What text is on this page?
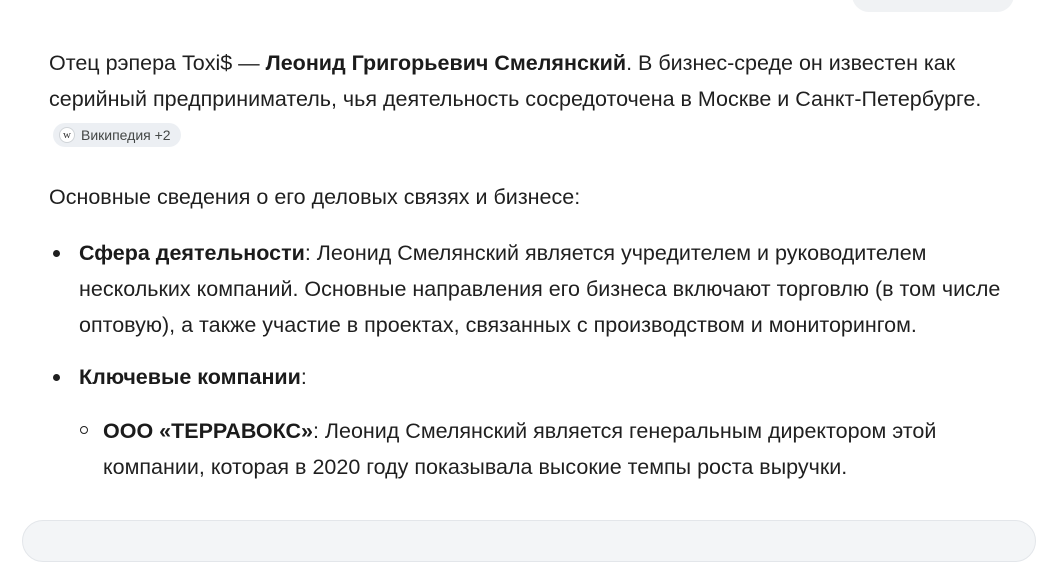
Отец рэпера Toxi$ — Леонид Григорьевич Смелянский. В бизнес-среде он известен как серийный предприниматель, чья деятельность сосредоточена в Москве и Санкт-Петербурге.
w Википедия +2

Основные сведения о его деловых связях и бизнесе:

Сфера деятельности: Леонид Смелянский является учредителем и руководителем нескольких компаний. Основные направления его бизнеса включают торговлю (в том числе оптовую), а также участие в проектах, связанных с производством и мониторингом.
Ключевые компании:
ООО «ТЕРРАВОКС»: Леонид Смелянский является генеральным директором этой компании, которая в 2020 году показывала высокие темпы роста выручки.
